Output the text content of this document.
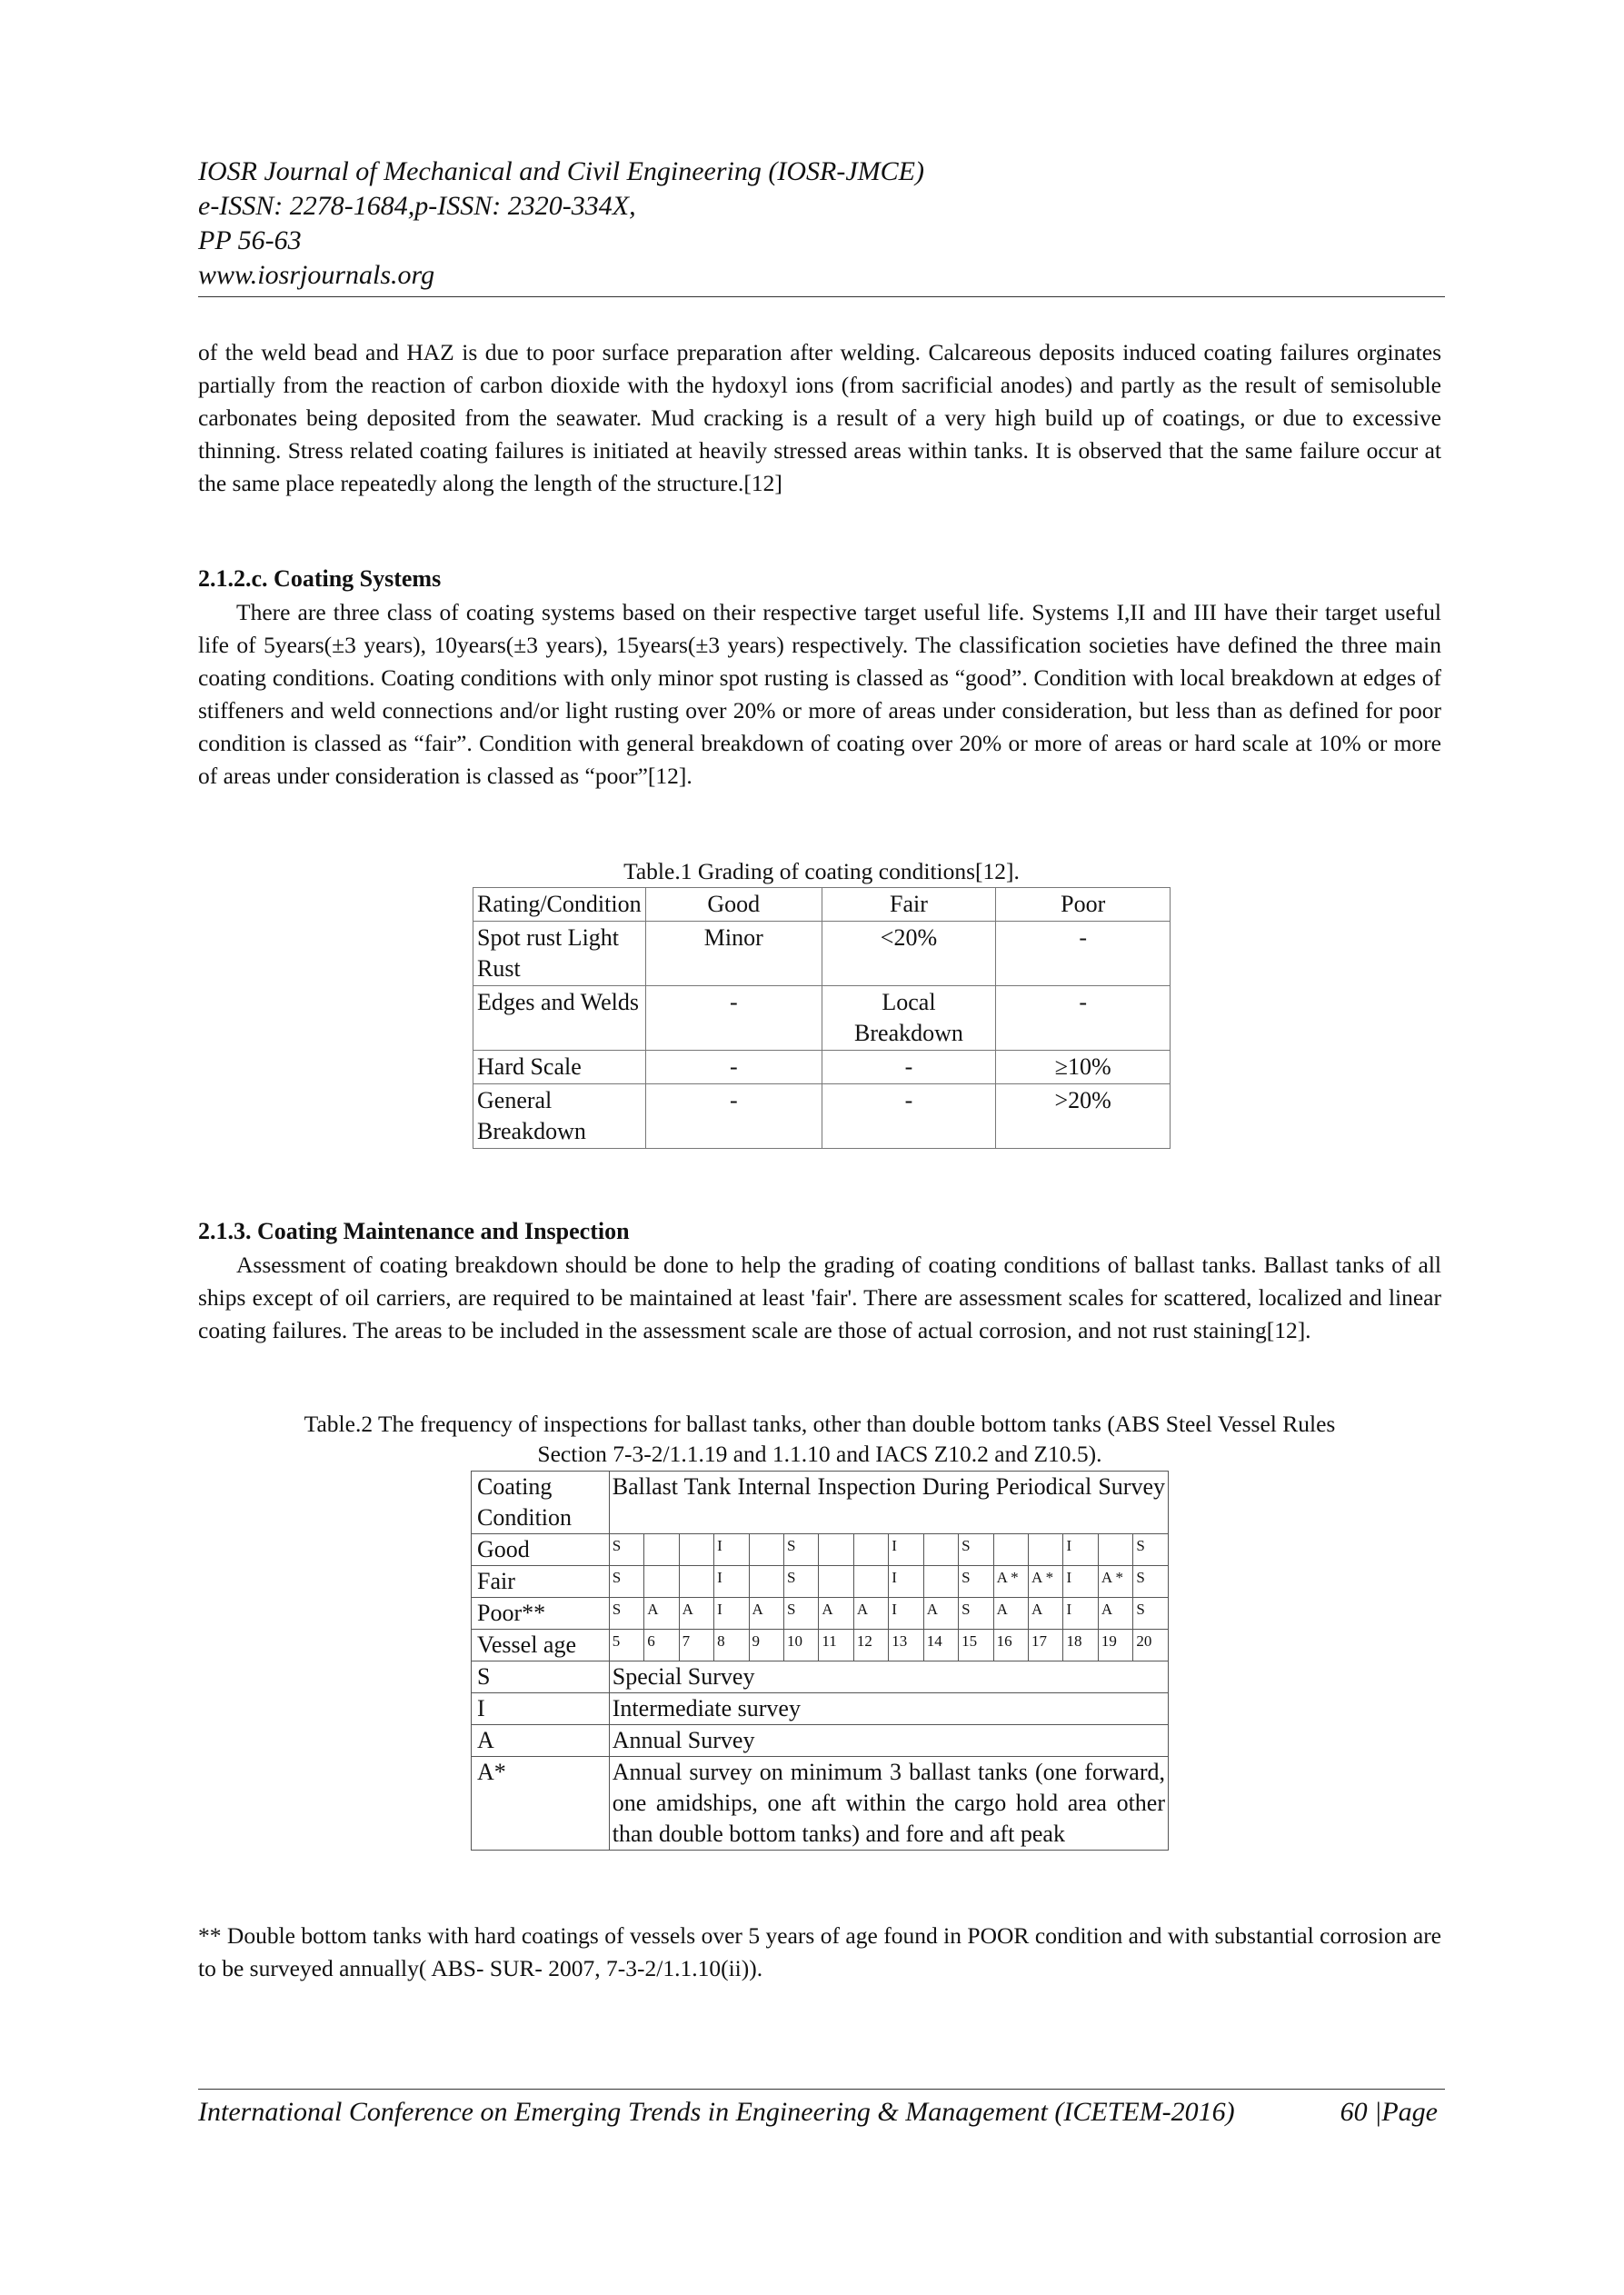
IOSR Journal of Mechanical and Civil Engineering (IOSR-JMCE)
e-ISSN: 2278-1684,p-ISSN: 2320-334X,
PP 56-63
www.iosrjournals.org
of the weld bead and HAZ is due to poor surface preparation after welding. Calcareous deposits induced coating failures orginates partially from the reaction of carbon dioxide with the hydoxyl ions (from sacrificial anodes) and partly as the result of semisoluble carbonates being deposited from the seawater. Mud cracking is a result of a very high build up of coatings, or due to excessive thinning. Stress related coating failures is initiated at heavily stressed areas within tanks. It is observed that the same failure occur at the same place repeatedly along the length of the structure.[12]
2.1.2.c. Coating Systems
There are three class of coating systems based on their respective target useful life. Systems I,II and III have their target useful life of 5years(±3 years), 10years(±3 years), 15years(±3 years) respectively. The classification societies have defined the three main coating conditions. Coating conditions with only minor spot rusting is classed as “good”. Condition with local breakdown at edges of stiffeners and weld connections and/or light rusting over 20% or more of areas under consideration, but less than as defined for poor condition is classed as “fair”. Condition with general breakdown of coating over 20% or more of areas or hard scale at 10% or more of areas under consideration is classed as “poor”[12].
Table.1 Grading of coating conditions[12].
Rating/Condition	Good	Fair	Poor
Spot rust Light Rust	Minor	<20%	-
Edges and Welds	-	Local Breakdown	-
Hard Scale	-	-	≥10%
General Breakdown	-	-	>20%
2.1.3. Coating Maintenance and Inspection
Assessment of coating breakdown should be done to help the grading of coating conditions of ballast tanks. Ballast tanks of all ships except of oil carriers, are required to be maintained at least 'fair'. There are assessment scales for scattered, localized and linear coating failures. The areas to be included in the assessment scale are those of actual corrosion, and not rust staining[12].
Table.2 The frequency of inspections for ballast tanks, other than double bottom tanks (ABS Steel Vessel Rules
Section 7-3-2/1.1.19 and 1.1.10 and IACS Z10.2 and Z10.5).
Coating Condition	Ballast Tank Internal Inspection During Periodical Survey															
Good	S			I		S			I		S			I		S
Fair	S			I		S			I		S	A *	A *	I	A *	S
Poor**	S	A	A	I	A	S	A	A	I	A	S	A	A	I	A	S
Vessel age	5	6	7	8	9	10	11	12	13	14	15	16	17	18	19	20
S	Special Survey															
I	Intermediate survey															
A	Annual Survey															
A*	Annual survey on minimum 3 ballast tanks (one forward, one amidships, one aft within the cargo hold area other than double bottom tanks) and fore and aft peak															
** Double bottom tanks with hard coatings of vessels over 5 years of age found in POOR condition and with substantial corrosion are to be surveyed annually( ABS- SUR- 2007, 7-3-2/1.1.10(ii)).
International Conference on Emerging Trends in Engineering & Management (ICETEM-2016)	60 |Page
